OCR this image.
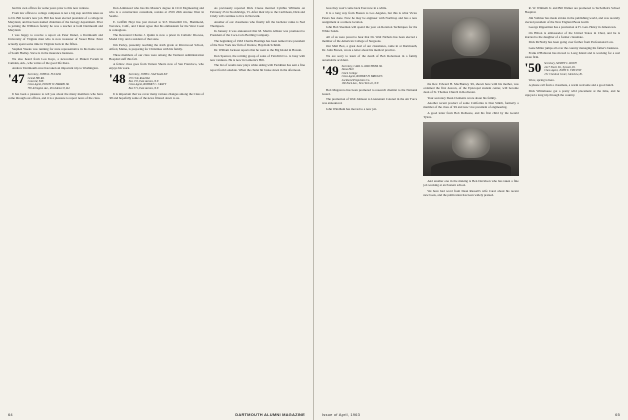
had his own offices for some years prior to this new venture.

From law offices to college campuses is not a big step and this takes us to Dr. Bill Grant's new job. Bill has been elected president of a college in Maryland, and has been named chairman of the biology department. Prior to joining the Williston faculty he was a teacher at both Dartmouth and Maryland.

I was happy to receive a report on Peter Dunel, a Dartmouth and University of Virginia man who is now treasurer of Sweet Briar. Peter actually spent some time in Virginia back in the fifties.

Stephen Weeks was running for state representative in his home town of South Hadley. Steve is in the insurance business.

We also heard from Lou Kaye, a newcomer at Pinkett Forum in Camden, Ark., who writes of the good life there.

Andrew Dartmouth once has taken an important trip to Washington.

'47 Secretary, JOHN K. FULLER
Grand Hill Rd.
Concord, N.H.
Class Agent, EDWIN W. HARRIS JR.
765 Arlington Ave., Providence 8, R.I.

It has been a pleasure to tell you about the many members who have come through our offices, and it is a pleasure to report news of the class.

Don Armistead who has his Master's degree in Civil Engineering and who is a construction consultant, resides at 2559 26th Avenue West in Seattle.

E. Griffith Hoyt has just moved to 915 Westerhill Dr., Hammond, Torrance, Calif., and I must agree that his enthusiasm for the West Coast is contagious.

The Reverend Charles J. Quinn is now a priest in Catholic Diocese, Model City, and a resident of that state.

Jim Perley, presently teaching the sixth grade at Riverwood School, Alfred, Maine, is preparing for Christmas with his family.

Three members of our class were among the Vermont Administration Hospital staff this fall.

A fellow class goes from Vernon Shorts now of San Francisco, who enjoys his work.

'48 Secretary, JOHN L. VAN KALLEN
155 Chin Road Rd.
Box 155, East Aurora, N.Y.
Class Agent, ROBERT C. CRAFT
Box 571, East Aurora, N.Y.

It is important that we cover many various changes among the Class of '48 and hopefully some of the news filtered down to us.

As previously reported Dick Cleese married Cynthia Williams on February 25 in Stockbridge, Vt. After their trip to the Caribbean, Dick and Cindy will continue to live in Norwalk.

Another of our classmates who finally left the bachelor ranks is Ned Thompson.

In January it was announced that M. Martin Allister was promoted to President of the Coca-Cola Bottling Company.

The beginning of 1963 Charlie Hastings has been named vice president of the New York law firm of Darlow, Haydn & Schmitt.

Dr. William Jackson reports that he went to the Big Island in Hawaii.

Don Spencer, the retiring group of sales of Fairchild Co. is busy with new ventures. He is now in Lamotte's Hill.

The list of results new plays white skiing with Fieldman has sent a fine report from Lansdale. When the chalet hit broke down in the afternoon.

64	DARTMOUTH ALUMNI MAGAZINE

boss they won't come back East now in a while.

It is a long way from Boston to Los Angeles, but this is what Victor Peters has done. Now he may be engineer with Northrop and has a new assignment at a remote location.

John Bob Sleeman will spend the year on Rotation Techniques for the White Sands.

All of us were proud to hear that Dr. Walt Nichols has been elected a member of the American College of Surgeons.

Our Mail Box, a great deal of our classmates, came in at Dartmouth, Dr. John Brown, wrote a letter about his medical practice.

We are sorry to learn of the death of Bob Robertson in a family automobile accident.

'49 Secretary, CARL G. KIRCHNER JR.
Dana Hall
Clark College
Class Agent, ROBERT H. BRIDGES
Lockheed Propulsion Co.
160 Park Ave., New York 22, N.Y.

Bob Mugavero has been promoted to research chemist to the National Guard.

The promotion of Walt Johnson to Lieutenant Colonel in the Air Force was announced.

John Windham has moved to a new job.

the Rev. Edward H. MacBurney '49, shown here with his mother, was ordained the first deacon, of the Episcopal student center, will become dean of St. Thomas Church in Rochester.

Your secretary Dean Clements wrote about his family.

Another recent product of some California is Don Smith, formerly a member of the class of '49 and now vice president of engineering.

A good letter from Bob Dolbeare, and his first child by the Gerald Tylers.

And another one in the making is Ben Davidson who has taken a fine job working at an Eastern school.

We have had word from Dean Russell's wife Carol about his recent new book, and the publication has been widely praised.

R. W. Wilmeth Jr. and Bill Walker are promoted to Tech-Men's School Hospital.

Jim Vollmer has made strides in the publishing world, and was recently elected president of the New England Book Guild.

George Ripperman has a promotion at Ft. Gen. Henry in Jamestown.

On Hilton is ambassador of the United States in Chad, and he is married to the daughter of a former classmate.

Dick McNulty has been going over further from Professional Law.

Gene Miller jumps all over the country managing his father's business.

Frank O'Halloran has moved to Long Island and is working for a real estate firm.

'50 Secretary, SIDNEY L. ROTH
2417 Shore Dr., Syosset, Ill.
Class Agent, JOHN E. VINCENT
151 Chestnut Court, Glenview, Ill.

Wow, spring is here.

A phone call from a classmate, a warm welcome and a good lunch.

Dick Whitehouse got a pretty wild placement at the time, and he enjoyed a long trip through the country.

Issue of April, 1963	65
